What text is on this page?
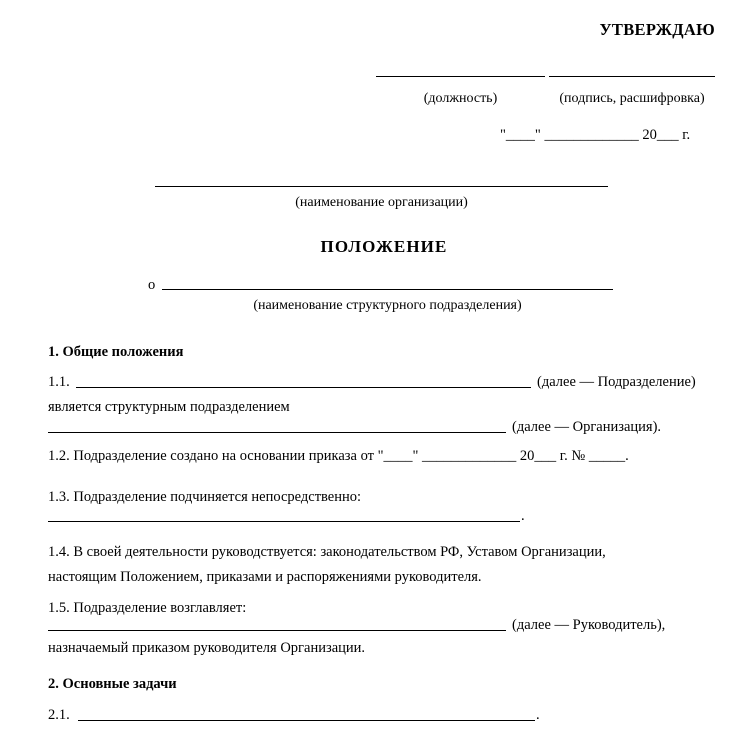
УТВЕРЖДАЮ
(должность)	(подпись, расшифровка)
"____" _____________ 20___ г.
(наименование организации)
ПОЛОЖЕНИЕ
о
(наименование структурного подразделения)
1. Общие положения
1.1.	(далее — Подразделение)
является структурным подразделением
(далее — Организация).
1.2. Подразделение создано на основании приказа от "____" _____________ 20___ г. № _____.
1.3. Подразделение подчиняется непосредственно:
.
1.4. В своей деятельности руководствуется: законодательством РФ, Уставом Организации,
настоящим Положением, приказами и распоряжениями руководителя.
1.5. Подразделение возглавляет:
(далее — Руководитель),
назначаемый приказом руководителя Организации.
2. Основные задачи
2.1.	.
